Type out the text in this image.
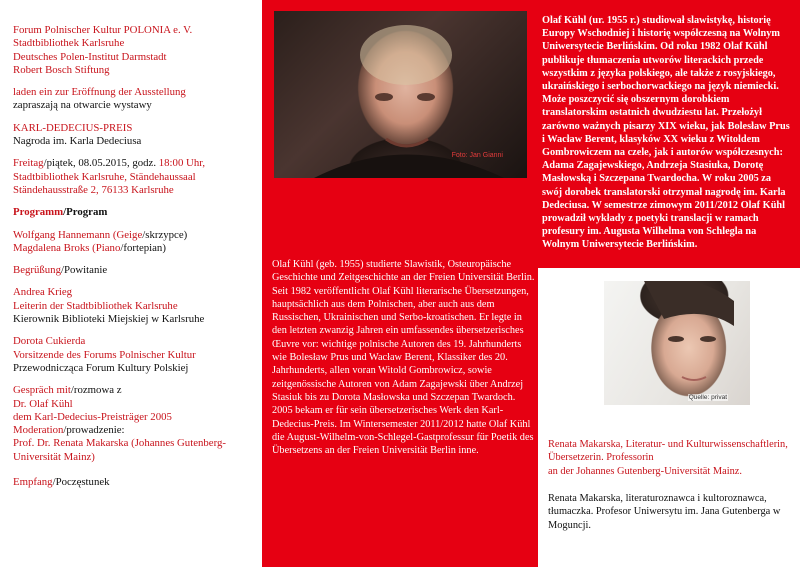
Forum Polnischer Kultur POLONIA e. V.

Stadtbibliothek Karlsruhe

Deutsches Polen-Institut Darmstadt

Robert Bosch Stiftung

laden ein zur Eröffnung der Ausstellung

zapraszają na otwarcie wystawy

KARL-DEDECIUS-PREIS

Nagroda im. Karla Dedeciusa

Freitag/piątek, 08.05.2015, godz. 18:00 Uhr,

Stadtbibliothek Karlsruhe, Ständehaussaal

Ständehausstraße 2, 76133 Karlsruhe

Programm/Program

Wolfgang Hannemann (Geige/skrzypce)

Magdalena Broks (Piano/fortepian)

Begrüßung/Powitanie

Andrea Krieg

Leiterin der Stadtbibliothek Karlsruhe

Kierownik Biblioteki Miejskiej w Karlsruhe

Dorota Cukierda

Vorsitzende des Forums Polnischer Kultur

Przewodnicząca Forum Kultury Polskiej

Gespräch mit/rozmowa z

Dr. Olaf Kühl

dem Karl-Dedecius-Preisträger 2005

Moderation/prowadzenie:

Prof. Dr. Renata Makarska (Johannes Gutenberg-Universität Mainz)

Empfang/Poczęstunek

Foto: Jan Gianni

Olaf Kühl (geb. 1955) studierte Slawistik, Osteuropäische Geschichte und Zeitgeschichte an der Freien Universität Berlin. Seit 1982 veröffentlicht Olaf Kühl literarische Übersetzungen, hauptsächlich aus dem Polnischen, aber auch aus dem Russischen, Ukrainischen und Serbo-kroatischen. Er legte in den letzten zwanzig Jahren ein umfassendes übersetzerisches Œuvre vor: wichtige polnische Autoren des 19. Jahrhunderts wie Bolesław Prus und Wacław Berent, Klassiker des 20. Jahrhunderts, allen voran Witold Gombrowicz, sowie zeitgenössische Autoren von Adam Zagajewski über Andrzej Stasiuk bis zu Dorota Masłowska und Szczepan Twardoch. 2005 bekam er für sein übersetzerisches Werk den Karl-Dedecius-Preis. Im Wintersemester 2011/2012 hatte Olaf Kühl die August-Wilhelm-von-Schlegel-Gastprofessur für Poetik des Übersetzens an der Freien Universität Berlin inne.

Olaf Kühl (ur. 1955 r.) studiował slawistykę, historię Europy Wschodniej i historię współczesną na Wolnym Uniwersytecie Berlińskim. Od roku 1982 Olaf Kühl publikuje tłumaczenia utworów literackich przede wszystkim z języka polskiego, ale także z rosyjskiego, ukraińskiego i serbochorwackiego na język niemiecki. Może poszczycić się obszernym dorobkiem translatorskim ostatnich dwudziestu lat. Przełożył zarówno ważnych pisarzy XIX wieku, jak Bolesław Prus i Wacław Berent, klasyków XX wieku z Witoldem Gombrowiczem na czele, jak i autorów współczesnych: Adama Zagajewskiego, Andrzeja Stasiuka, Dorotę Masłowską i Szczepana Twardocha. W roku 2005 za swój dorobek translatorski otrzymał nagrodę im. Karla Dedeciusa. W semestrze zimowym 2011/2012 Olaf Kühl prowadził wykłady z poetyki translacji w ramach profesury im. Augusta Wilhelma von Schlegla na Wolnym Uniwersytecie Berlińskim.

Quelle: privat

Renata Makarska, Literatur- und Kulturwissenschaftlerin, Übersetzerin. Professorin

an der Johannes Gutenberg-Universität Mainz.

Renata Makarska, literaturoznawca i kultoroznawca, tłumaczka. Profesor Uniwersytu im. Jana Gutenberga w Moguncji.
